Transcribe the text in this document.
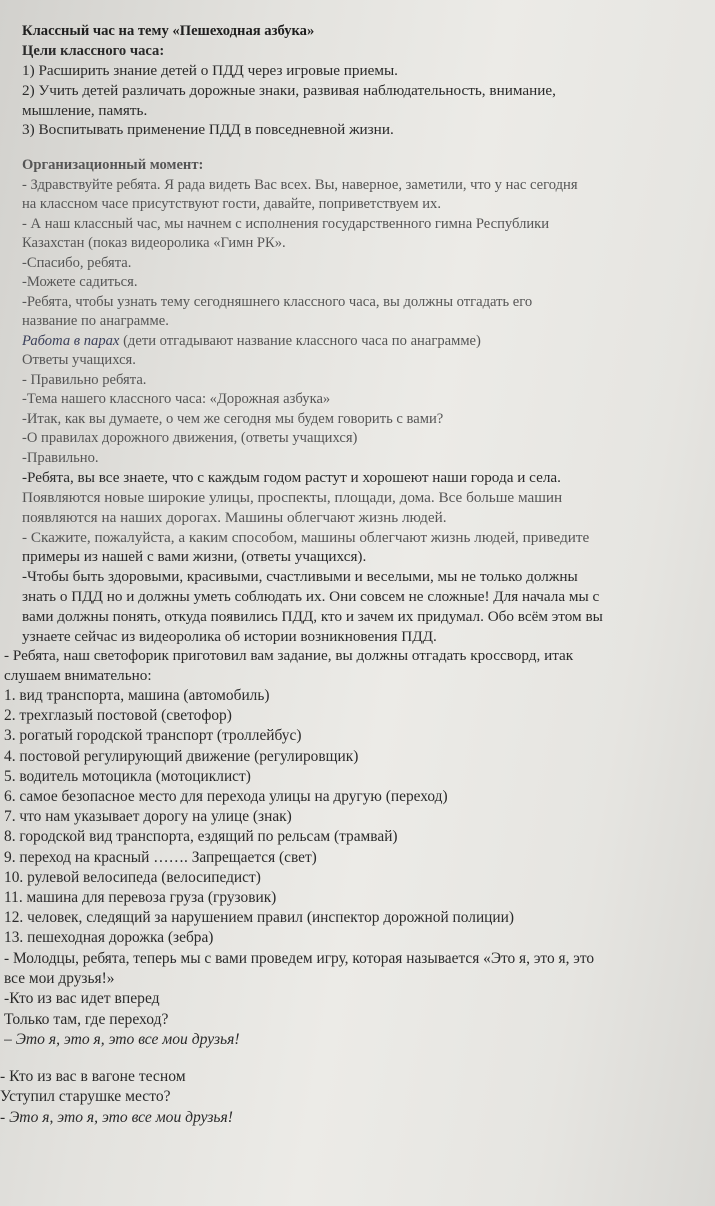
Классный час на тему «Пешеходная азбука»
Цели классного часа:
1) Расширить знание детей о ПДД через игровые приемы.
2) Учить детей различать дорожные знаки, развивая наблюдательность, внимание,
мышление, память.
3) Воспитывать применение ПДД в повседневной жизни.
Организационный момент:
- Здравствуйте ребята. Я рада видеть Вас всех. Вы, наверное, заметили, что у нас сегодня
на классном часе присутствуют гости, давайте, поприветствуем их.
- А наш классный час, мы начнем с исполнения государственного гимна Республики
Казахстан (показ видеоролика «Гимн РК».
-Спасибо, ребята.
-Можете садиться.
-Ребята, чтобы узнать тему сегодняшнего классного часа, вы должны отгадать его
название по анаграмме.
Работа в парах (дети отгадывают название классного часа по анаграмме)
Ответы учащихся.
- Правильно ребята.
-Тема нашего классного часа: «Дорожная азбука»
-Итак, как вы думаете, о чем же сегодня мы будем говорить с вами?
-О правилах дорожного движения, (ответы учащихся)
-Правильно.
-Ребята, вы все знаете, что с каждым годом растут и хорошеют наши города и села.
Появляются новые широкие улицы, проспекты, площади, дома. Все больше машин
появляются на наших дорогах. Машины облегчают жизнь людей.
- Скажите, пожалуйста, а каким способом, машины облегчают жизнь людей, приведите
примеры из нашей с вами жизни, (ответы учащихся).
-Чтобы быть здоровыми, красивыми, счастливыми и веселыми, мы не только должны
знать о ПДД но и должны уметь соблюдать их. Они совсем не сложные! Для начала мы с
вами должны понять, откуда появились ПДД, кто и зачем их придумал. Обо всём этом вы
узнаете сейчас из видеоролика об истории возникновения ПДД.
- Ребята, наш светофорик приготовил вам задание, вы должны отгадать кроссворд, итак
слушаем внимательно:
1. вид транспорта, машина (автомобиль)
2. трехглазый постовой (светофор)
3. рогатый городской транспорт (троллейбус)
4. постовой регулирующий движение (регулировщик)
5. водитель мотоцикла (мотоциклист)
6. самое безопасное место для перехода улицы на другую (переход)
7. что нам указывает дорогу на улице (знак)
8. городской вид транспорта, ездящий по рельсам (трамвай)
9. переход на красный ……. Запрещается (свет)
10. рулевой велосипеда (велосипедист)
11. машина для перевоза груза (грузовик)
12. человек, следящий за нарушением правил (инспектор дорожной полиции)
13. пешеходная дорожка (зебра)
- Молодцы, ребята, теперь мы с вами проведем игру, которая называется «Это я, это я, это
все мои друзья!»
-Кто из вас идет вперед
Только там, где переход?
– Это я, это я, это все мои друзья!
- Кто из вас в вагоне тесном
Уступил старушке место?
- Это я, это я, это все мои друзья!
